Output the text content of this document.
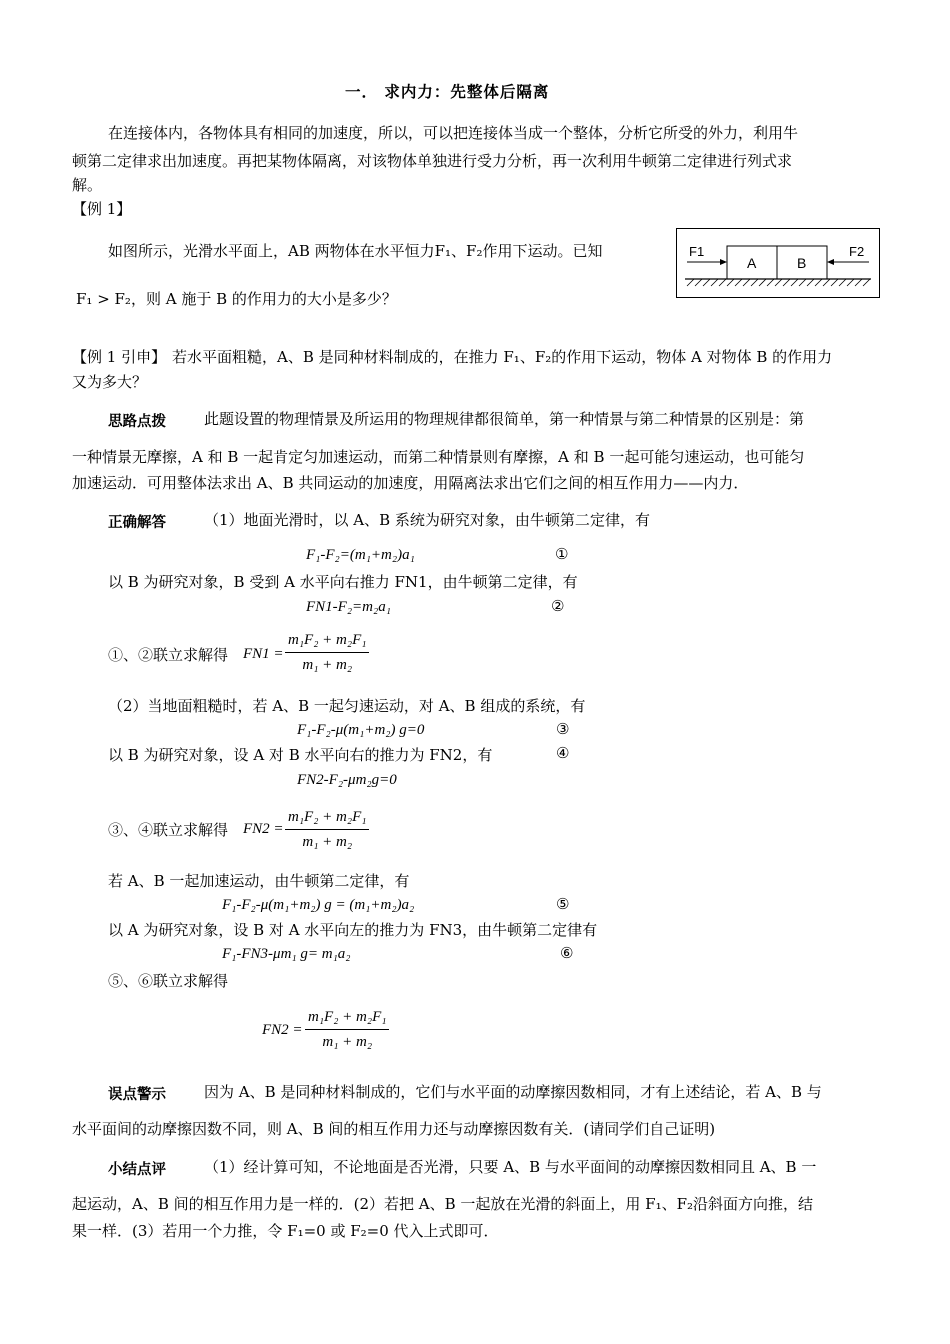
一． 求内力：先整体后隔离
在连接体内，各物体具有相同的加速度，所以，可以把连接体当成一个整体，分析它所受的外力，利用牛
顿第二定律求出加速度。再把某物体隔离，对该物体单独进行受力分析，再一次利用牛顿第二定律进行列式求
解。
【例 1】
如图所示，光滑水平面上，AB 两物体在水平恒力F₁、F₂作用下运动。已知
F₁ > F₂，则 A 施于 B 的作用力的大小是多少？
F1
A	B
F2
【例 1 引申】 若水平面粗糙，A、B 是同种材料制成的，在推力 F₁、F₂的作用下运动，物体 A 对物体 B 的作用力
又为多大？
思路点拨	此题设置的物理情景及所运用的物理规律都很简单，第一种情景与第二种情景的区别是：第
一种情景无摩擦，A 和 B 一起肯定匀加速运动，而第二种情景则有摩擦，A 和 B 一起可能匀速运动，也可能匀
加速运动．可用整体法求出 A、B 共同运动的加速度，用隔离法求出它们之间的相互作用力——内力．
正确解答	（1）地面光滑时，以 A、B 系统为研究对象，由牛顿第二定律，有
F₁-F₂=(m₁+m₂)a₁	①
以 B 为研究对象，B 受到 A 水平向右推力 FN1，由牛顿第二定律，有
FN1-F₂=m₂a₁	②
①、②联立求解得 FN1 =
m₁F₂ + m₂F₁
m₁ + m₂
（2）当地面粗糙时，若 A、B 一起匀速运动，对 A、B 组成的系统，有
F₁-F₂-μ(m₁+m₂) g=0	③
以 B 为研究对象，设 A 对 B 水平向右的推力为 FN2，有	④
FN2-F₂-μm₂g=0
③、④联立求解得 FN2 =
m₁F₂ + m₂F₁
m₁ + m₂
若 A、B 一起加速运动，由牛顿第二定律，有
F₁-F₂-μ(m₁+m₂) g = (m₁+m₂)a₂	⑤
以 A 为研究对象，设 B 对 A 水平向左的推力为 FN3，由牛顿第二定律有
F₁-FN3-μm₁ g= m₁a₂	⑥
⑤、⑥联立求解得
FN2 =
m₁F₂ + m₂F₁
m₁ + m₂
误点警示	因为 A、B 是同种材料制成的，它们与水平面的动摩擦因数相同，才有上述结论，若 A、B 与
水平面间的动摩擦因数不同，则 A、B 间的相互作用力还与动摩擦因数有关．(请同学们自己证明)
小结点评	（1）经计算可知，不论地面是否光滑，只要 A、B 与水平面间的动摩擦因数相同且 A、B 一
起运动，A、B 间的相互作用力是一样的．(2）若把 A、B 一起放在光滑的斜面上，用 F₁、F₂沿斜面方向推，结
果一样．(3）若用一个力推，令 F₁=0 或 F₂=0 代入上式即可．
